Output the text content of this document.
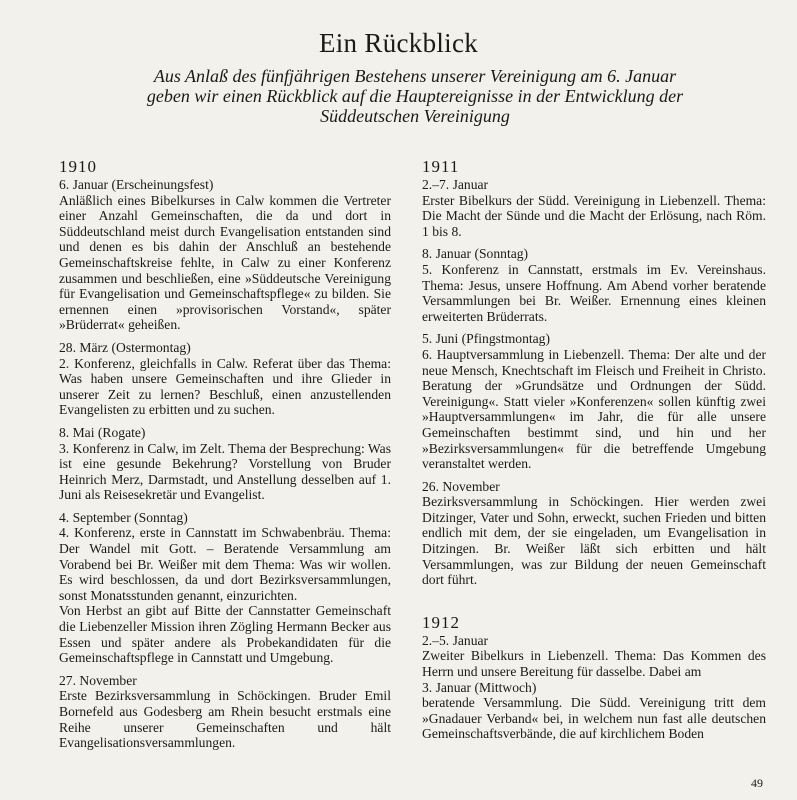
Ein Rückblick
Aus Anlaß des fünfjährigen Bestehens unserer Vereinigung am 6. Januar geben wir einen Rückblick auf die Hauptereignisse in der Entwicklung der Süddeutschen Vereinigung
1910
6. Januar (Erscheinungsfest)
Anläßlich eines Bibelkurses in Calw kommen die Vertreter einer Anzahl Gemeinschaften, die da und dort in Süddeutschland meist durch Evangelisation entstanden sind und denen es bis dahin der Anschluß an bestehende Gemeinschaftskreise fehlte, in Calw zu einer Konferenz zusammen und beschließen, eine »Süddeutsche Vereinigung für Evangelisation und Gemeinschaftspflege« zu bilden. Sie ernennen einen »provisorischen Vorstand«, später »Brüderrat« geheißen.
28. März (Ostermontag)
2. Konferenz, gleichfalls in Calw. Referat über das Thema: Was haben unsere Gemeinschaften und ihre Glieder in unserer Zeit zu lernen? Beschluß, einen anzustellenden Evangelisten zu erbitten und zu suchen.
8. Mai (Rogate)
3. Konferenz in Calw, im Zelt. Thema der Besprechung: Was ist eine gesunde Bekehrung? Vorstellung von Bruder Heinrich Merz, Darmstadt, und Anstellung desselben auf 1. Juni als Reisesekretär und Evangelist.
4. September (Sonntag)
4. Konferenz, erste in Cannstatt im Schwabenbräu. Thema: Der Wandel mit Gott. – Beratende Versammlung am Vorabend bei Br. Weißer mit dem Thema: Was wir wollen. Es wird beschlossen, da und dort Bezirksversammlungen, sonst Monatsstunden genannt, einzurichten.
Von Herbst an gibt auf Bitte der Cannstatter Gemeinschaft die Liebenzeller Mission ihren Zögling Hermann Becker aus Essen und später andere als Probekandidaten für die Gemeinschaftspflege in Cannstatt und Umgebung.
27. November
Erste Bezirksversammlung in Schöckingen. Bruder Emil Bornefeld aus Godesberg am Rhein besucht erstmals eine Reihe unserer Gemeinschaften und hält Evangelisationsversammlungen.
1911
2.–7. Januar
Erster Bibelkurs der Südd. Vereinigung in Liebenzell. Thema: Die Macht der Sünde und die Macht der Erlösung, nach Röm. 1 bis 8.
8. Januar (Sonntag)
5. Konferenz in Cannstatt, erstmals im Ev. Vereinshaus. Thema: Jesus, unsere Hoffnung. Am Abend vorher beratende Versammlungen bei Br. Weißer. Ernennung eines kleinen erweiterten Brüderrats.
5. Juni (Pfingstmontag)
6. Hauptversammlung in Liebenzell. Thema: Der alte und der neue Mensch, Knechtschaft im Fleisch und Freiheit in Christo. Beratung der »Grundsätze und Ordnungen der Südd. Vereinigung«. Statt vieler »Konferenzen« sollen künftig zwei »Hauptversammlungen« im Jahr, die für alle unsere Gemeinschaften bestimmt sind, und hin und her »Bezirksversammlungen« für die betreffende Umgebung veranstaltet werden.
26. November
Bezirksversammlung in Schöckingen. Hier werden zwei Ditzinger, Vater und Sohn, erweckt, suchen Frieden und bitten endlich mit dem, der sie eingeladen, um Evangelisation in Ditzingen. Br. Weißer läßt sich erbitten und hält Versammlungen, was zur Bildung der neuen Gemeinschaft dort führt.
1912
2.–5. Januar
Zweiter Bibelkurs in Liebenzell. Thema: Das Kommen des Herrn und unsere Bereitung für dasselbe. Dabei am
3. Januar (Mittwoch)
beratende Versammlung. Die Südd. Vereinigung tritt dem »Gnadauer Verband« bei, in welchem nun fast alle deutschen Gemeinschaftsverbände, die auf kirchlichem Boden
49
